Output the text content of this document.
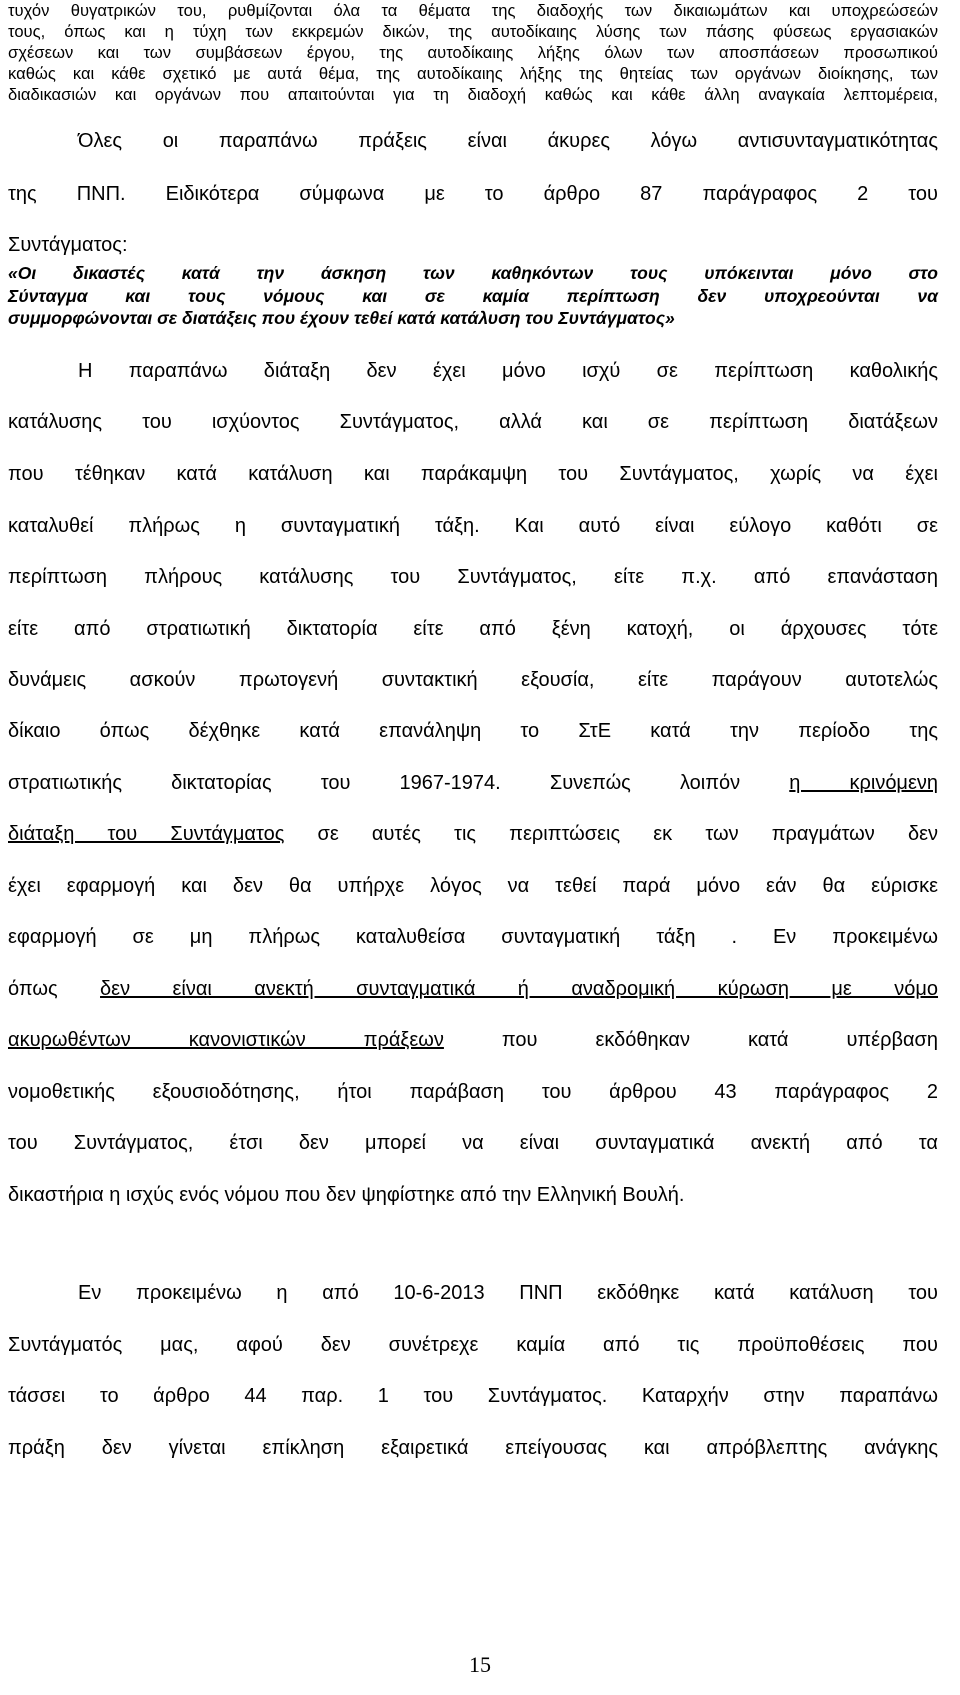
τυχόν θυγατρικών του, ρυθμίζονται όλα τα θέματα της διαδοχής των δικαιωμάτων και υποχρεώσεών
τους, όπως και η τύχη των εκκρεμών δικών, της αυτοδίκαιης λύσης των πάσης φύσεως εργασιακών
σχέσεων και των συμβάσεων έργου, της αυτοδίκαιης λήξης όλων των αποσπάσεων προσωπικού
καθώς και κάθε σχετικό με αυτά θέμα, της αυτοδίκαιης λήξης της θητείας των οργάνων διοίκησης, των
διαδικασιών και οργάνων που απαιτούνται για τη διαδοχή καθώς και κάθε άλλη αναγκαία λεπτομέρεια,
Όλες οι παραπάνω πράξεις είναι άκυρες λόγω αντισυνταγματικότητας
της ΠΝΠ. Ειδικότερα σύμφωνα με το άρθρο 87 παράγραφος 2 του
Συντάγματος:
«Οι δικαστές κατά την άσκηση των καθηκόντων τους υπόκεινται μόνο στο
Σύνταγμα και τους νόμους και σε καμία περίπτωση δεν υποχρεούνται να
συμμορφώνονται σε διατάξεις που έχουν τεθεί κατά κατάλυση του Συντάγματος»
Η παραπάνω διάταξη δεν έχει μόνο ισχύ σε περίπτωση καθολικής
κατάλυσης του ισχύοντος Συντάγματος, αλλά και σε περίπτωση διατάξεων
που τέθηκαν κατά κατάλυση και παράκαμψη του Συντάγματος, χωρίς να έχει
καταλυθεί πλήρως η συνταγματική τάξη. Και αυτό είναι εύλογο καθότι σε
περίπτωση πλήρους κατάλυσης του Συντάγματος, είτε π.χ. από επανάσταση
είτε από στρατιωτική δικτατορία είτε από ξένη κατοχή, οι άρχουσες τότε
δυνάμεις ασκούν πρωτογενή συντακτική εξουσία, είτε παράγουν αυτοτελώς
δίκαιο όπως δέχθηκε κατά επανάληψη το ΣτΕ κατά την περίοδο της
στρατιωτικής δικτατορίας του 1967-1974. Συνεπώς λοιπόν η κρινόμενη
διάταξη του Συντάγματος σε αυτές τις περιπτώσεις εκ των πραγμάτων δεν
έχει εφαρμογή και δεν θα υπήρχε λόγος να τεθεί παρά μόνο εάν θα εύρισκε
εφαρμογή σε μη πλήρως καταλυθείσα συνταγματική τάξη . Εν προκειμένω
όπως δεν είναι ανεκτή συνταγματικά ή αναδρομική κύρωση με νόμο
ακυρωθέντων κανονιστικών πράξεων που εκδόθηκαν κατά υπέρβαση
νομοθετικής εξουσιοδότησης, ήτοι παράβαση του άρθρου 43 παράγραφος 2
του Συντάγματος, έτσι δεν μπορεί να είναι συνταγματικά ανεκτή από τα
δικαστήρια η ισχύς ενός νόμου που δεν ψηφίστηκε από την Ελληνική Βουλή.
Εν προκειμένω η από 10-6-2013 ΠΝΠ εκδόθηκε κατά κατάλυση του
Συντάγματός μας, αφού δεν συνέτρεχε καμία από τις προϋποθέσεις που
τάσσει το άρθρο 44 παρ. 1 του Συντάγματος. Καταρχήν στην παραπάνω
πράξη δεν γίνεται επίκληση εξαιρετικά επείγουσας και απρόβλεπτης ανάγκης
15
